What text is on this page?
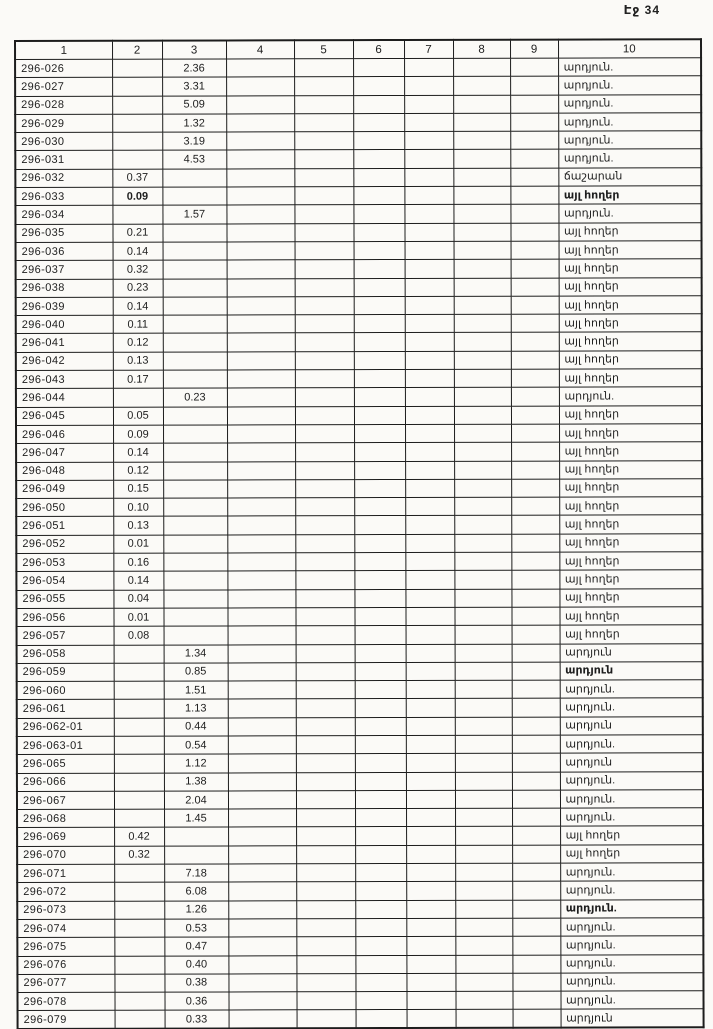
Էջ 34
1	2	3	4	5	6	7	8	9	10
296-026		2.36							արդյուն.
296-027		3.31							արդյուն.
296-028		5.09							արդյուն.
296-029		1.32							արդյուն.
296-030		3.19							արդյուն.
296-031		4.53							արդյուն.
296-032	0.37								ճաշարան
296-033	0.09								այլ հողեր
296-034		1.57							արդյուն.
296-035	0.21								այլ հողեր
296-036	0.14								այլ հողեր
296-037	0.32								այլ հողեր
296-038	0.23								այլ հողեր
296-039	0.14								այլ հողեր
296-040	0.11								այլ հողեր
296-041	0.12								այլ հողեր
296-042	0.13								այլ հողեր
296-043	0.17								այլ հողեր
296-044		0.23							արդյուն.
296-045	0.05								այլ հողեր
296-046	0.09								այլ հողեր
296-047	0.14								այլ հողեր
296-048	0.12								այլ հողեր
296-049	0.15								այլ հողեր
296-050	0.10								այլ հողեր
296-051	0.13								այլ հողեր
296-052	0.01								այլ հողեր
296-053	0.16								այլ հողեր
296-054	0.14								այլ հողեր
296-055	0.04								այլ հողեր
296-056	0.01								այլ հողեր
296-057	0.08								այլ հողեր
296-058		1.34							արդյուն
296-059		0.85							արդյուն
296-060		1.51							արդյուն.
296-061		1.13							արդյուն.
296-062-01		0.44							արդյուն
296-063-01		0.54							արդյուն.
296-065		1.12							արդյուն
296-066		1.38							արդյուն.
296-067		2.04							արդյուն.
296-068		1.45							արդյուն.
296-069	0.42								այլ հողեր
296-070	0.32								այլ հողեր
296-071		7.18							արդյուն.
296-072		6.08							արդյուն.
296-073		1.26							արդյուն.
296-074		0.53							արդյուն.
296-075		0.47							արդյուն.
296-076		0.40							արդյուն.
296-077		0.38							արդյուն.
296-078		0.36							արդյուն.
296-079		0.33							արդյուն
